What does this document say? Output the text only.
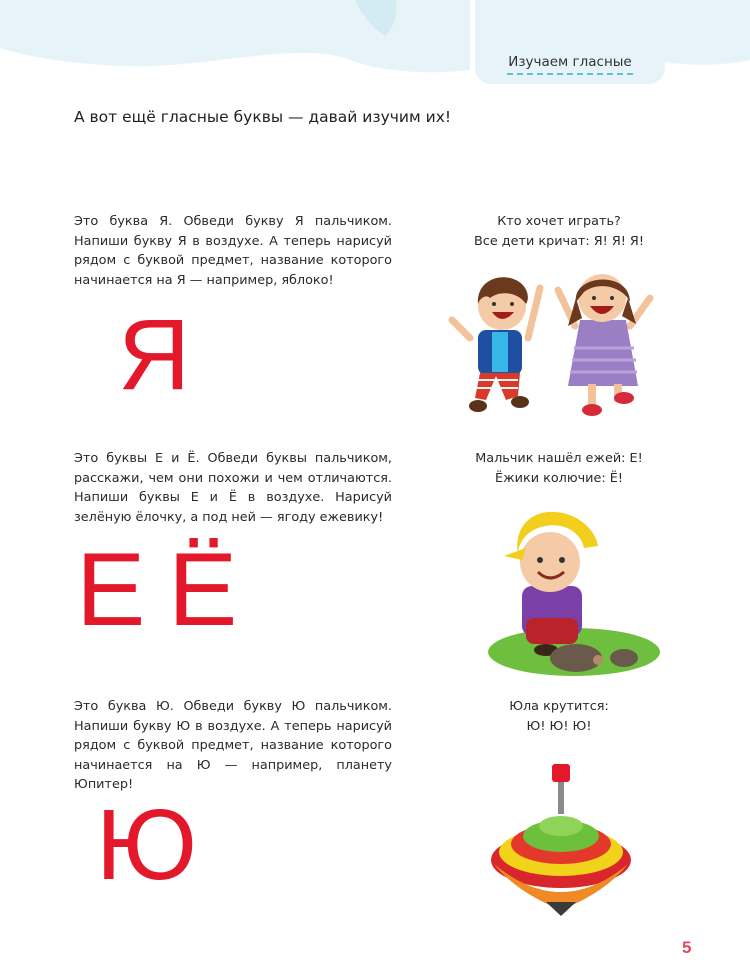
Изучаем гласные
А вот ещё гласные буквы — давай изучим их!
Это буква Я. Обведи букву Я пальчиком. Напиши букву Я в воздухе. А теперь нарисуй рядом с буквой предмет, название которого начинается на Я — например, яблоко!
Я
Кто хочет играть?
Все дети кричат: Я! Я! Я!
Это буквы Е и Ё. Обведи буквы пальчиком, расскажи, чем они похожи и чем отличаются. Напиши буквы Е и Ё в воздухе. Нарисуй зелёную ёлочку, а под ней — ягоду ежевику!
Е Ё
Мальчик нашёл ежей: Е!
Ёжики колючие: Ё!
Это буква Ю. Обведи букву Ю пальчиком. Напиши букву Ю в воздухе. А теперь нарисуй рядом с буквой предмет, название которого начинается на Ю — например, планету Юпитер!
Ю
Юла крутится:
Ю! Ю! Ю!
5
